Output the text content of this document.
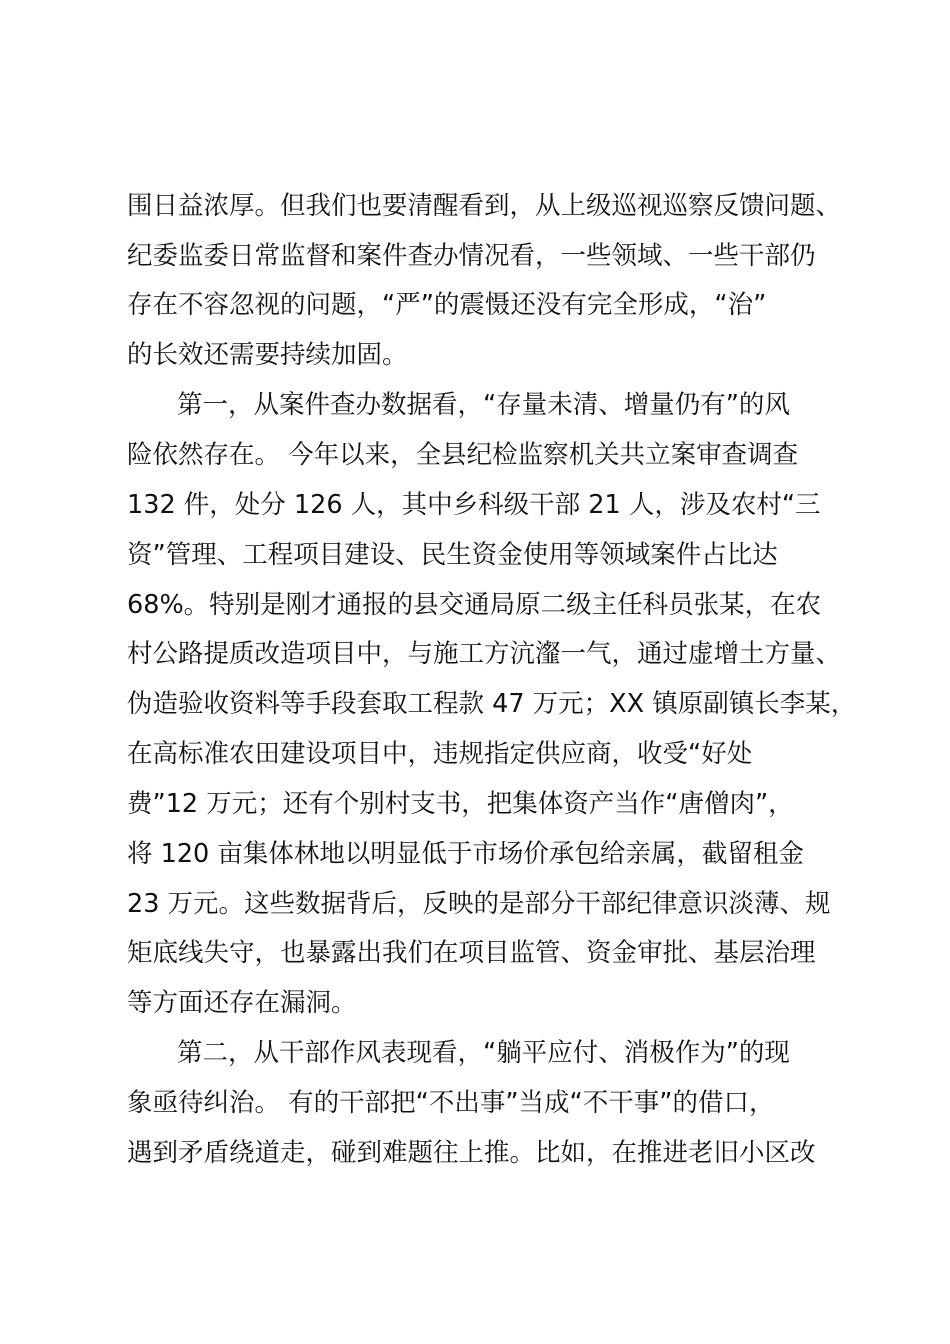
围日益浓厚。但我们也要清醒看到，从上级巡视巡察反馈问题、
纪委监委日常监督和案件查办情况看，一些领域、一些干部仍
存在不容忽视的问题，“严”的震慑还没有完全形成，“治”
的长效还需要持续加固。
第一，从案件查办数据看，“存量未清、增量仍有”的风
险依然存在。 今年以来，全县纪检监察机关共立案审查调查
132 件，处分 126 人，其中乡科级干部 21 人，涉及农村“三
资”管理、工程项目建设、民生资金使用等领域案件占比达
68%。特别是刚才通报的县交通局原二级主任科员张某，在农
村公路提质改造项目中，与施工方沆瀣一气，通过虚增土方量、
伪造验收资料等手段套取工程款 47 万元；XX 镇原副镇长李某，
在高标准农田建设项目中，违规指定供应商，收受“好处
费”12 万元；还有个别村支书，把集体资产当作“唐僧肉”，
将 120 亩集体林地以明显低于市场价承包给亲属，截留租金
23 万元。这些数据背后，反映的是部分干部纪律意识淡薄、规
矩底线失守，也暴露出我们在项目监管、资金审批、基层治理
等方面还存在漏洞。
第二，从干部作风表现看，“躺平应付、消极作为”的现
象亟待纠治。 有的干部把“不出事”当成“不干事”的借口，
遇到矛盾绕道走，碰到难题往上推。比如，在推进老旧小区改
